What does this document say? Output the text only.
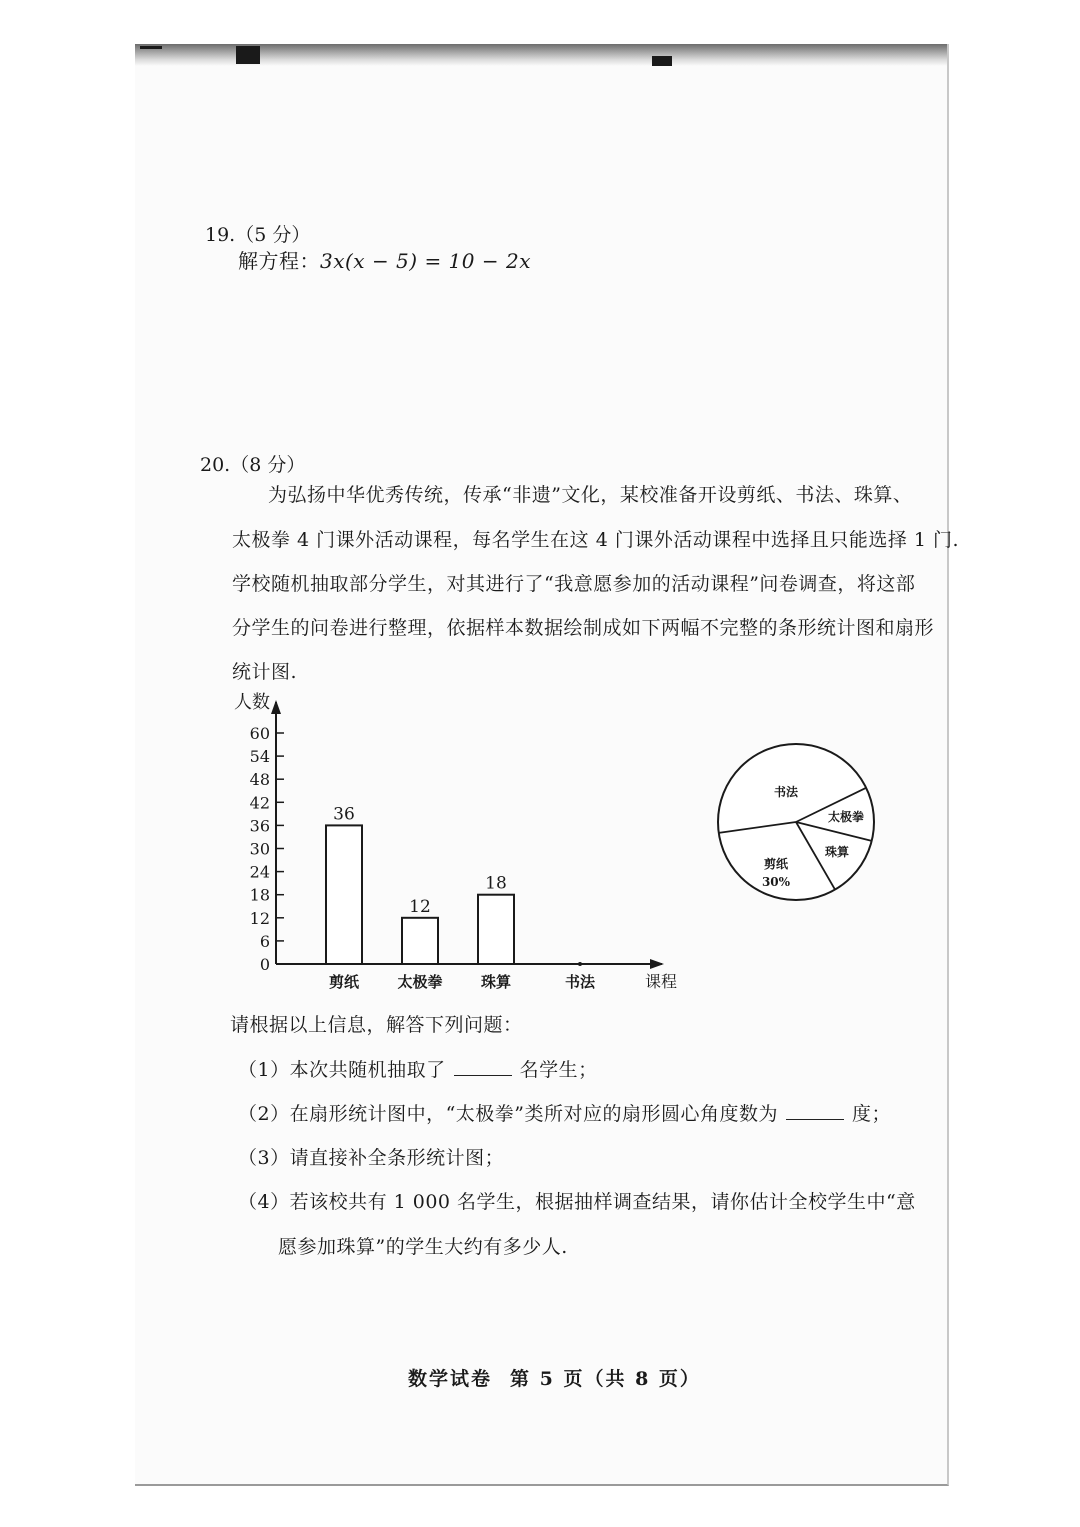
19.（5 分）
解方程：3x(x − 5) = 10 − 2x
20.（8 分）
为弘扬中华优秀传统，传承“非遗”文化，某校准备开设剪纸、书法、珠算、
太极拳 4 门课外活动课程，每名学生在这 4 门课外活动课程中选择且只能选择 1 门.
学校随机抽取部分学生，对其进行了“我意愿参加的活动课程”问卷调查，将这部
分学生的问卷进行整理，依据样本数据绘制成如下两幅不完整的条形统计图和扇形
统计图.
人数
课程
0
6
12
18
24
30
36
42
48
54
60
36
剪纸
12
太极拳
18
珠算	书法
书法
太极拳
珠算
剪纸
30%
请根据以上信息，解答下列问题：
（1）本次共随机抽取了	名学生；
（2）在扇形统计图中，“太极拳”类所对应的扇形圆心角度数为	度；
（3）请直接补全条形统计图；
（4）若该校共有 1 000 名学生，根据抽样调查结果，请你估计全校学生中“意
愿参加珠算”的学生大约有多少人.
数学试卷 第 5 页（共 8 页）
